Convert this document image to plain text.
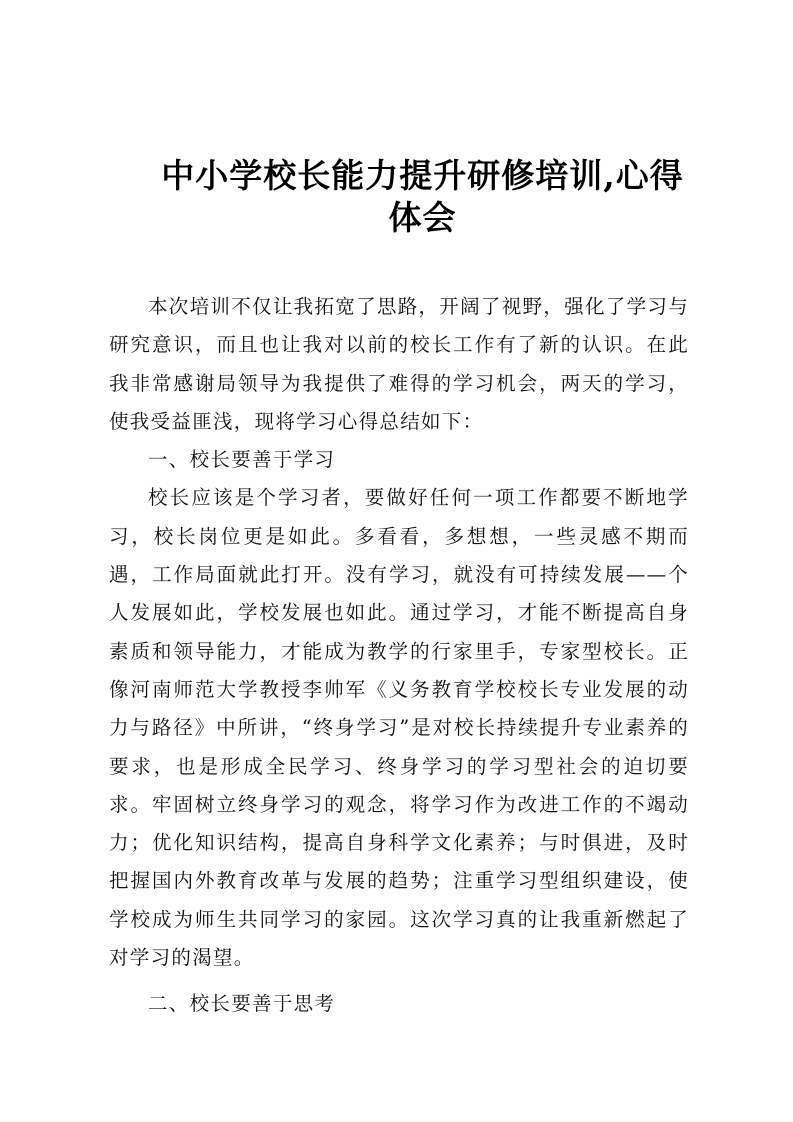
中小学校长能力提升研修培训,心得体会

本次培训不仅让我拓宽了思路，开阔了视野，强化了学习与研究意识，而且也让我对以前的校长工作有了新的认识。在此我非常感谢局领导为我提供了难得的学习机会，两天的学习，使我受益匪浅，现将学习心得总结如下：

一、校长要善于学习

校长应该是个学习者，要做好任何一项工作都要不断地学习，校长岗位更是如此。多看看，多想想，一些灵感不期而遇，工作局面就此打开。没有学习，就没有可持续发展——个人发展如此，学校发展也如此。通过学习，才能不断提高自身素质和领导能力，才能成为教学的行家里手，专家型校长。正像河南师范大学教授李帅军《义务教育学校校长专业发展的动力与路径》中所讲，“终身学习”是对校长持续提升专业素养的要求，也是形成全民学习、终身学习的学习型社会的迫切要求。牢固树立终身学习的观念，将学习作为改进工作的不竭动力；优化知识结构，提高自身科学文化素养；与时俱进，及时把握国内外教育改革与发展的趋势；注重学习型组织建设，使学校成为师生共同学习的家园。这次学习真的让我重新燃起了对学习的渴望。

二、校长要善于思考
